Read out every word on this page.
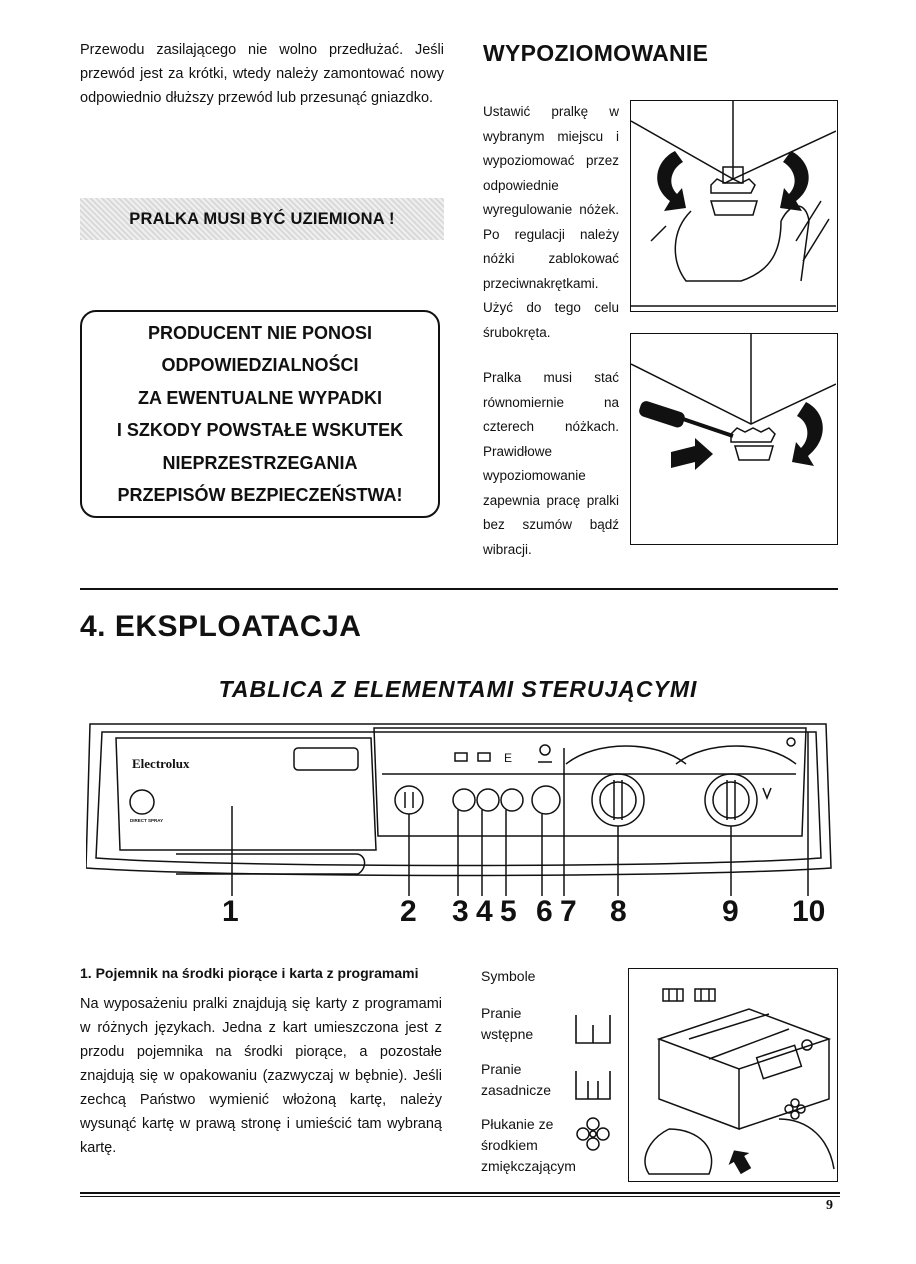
Przewodu zasilającego nie wolno przedłużać. Jeśli przewód jest za krótki, wtedy należy zamontować nowy odpowiednio dłuższy przewód lub przesunąć gniazdko.

PRALKA MUSI BYĆ UZIEMIONA !
PRODUCENT NIE PONOSI
ODPOWIEDZIALNOŚCI
ZA EWENTUALNE WYPADKI
I SZKODY POWSTAŁE WSKUTEK
NIEPRZESTRZEGANIA
PRZEPISÓW BEZPIECZEŃSTWA!
WYPOZIOMOWANIE

Ustawić pralkę w wybranym miejscu i wypoziomować przez odpowiednie wyregulowanie nóżek. Po regulacji należy nóżki zablokować przeciwnakrętkami. Użyć do tego celu śrubokręta.

Pralka musi stać równomiernie na czterech nóżkach. Prawidłowe wypoziomowanie zapewnia pracę pralki bez szumów bądź wibracji.

4. EKSPLOATACJA
TABLICA Z ELEMENTAMI STERUJĄCYMI
Electrolux
DIRECT SPRAY
E
1	2 3 4 5 6 7 8	9 10
1. Pojemnik na środki piorące i karta z programami

Na wyposażeniu pralki znajdują się karty z programami w różnych językach. Jedna z kart umieszczona jest z przodu pojemnika na środki piorące, a pozostałe znajdują się w opakowaniu (zazwyczaj w bębnie). Jeśli zechcą Państwo wymienić włożoną kartę, należy wysunąć kartę w prawą stronę i umieścić tam wybraną kartę.

Symbole

Pranie wstępne
Pranie zasadnicze
Płukanie ze środkiem zmiękczającym
9
